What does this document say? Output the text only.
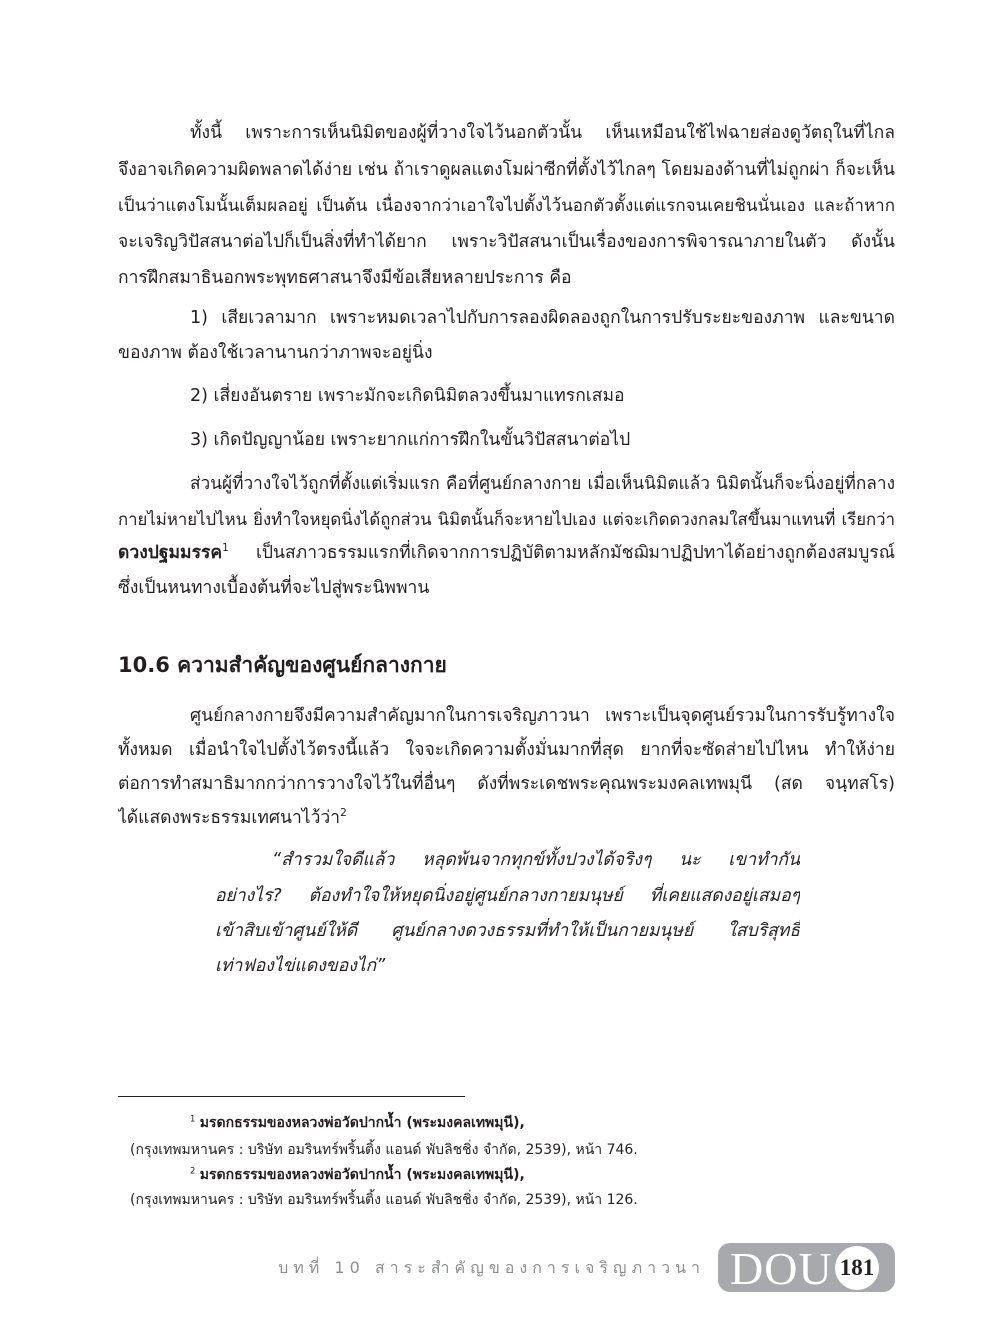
ทั้งนี้ เพราะการเห็นนิมิตของผู้ที่วางใจไว้นอกตัวนั้น เห็นเหมือนใช้ไฟฉายส่องดูวัตถุในที่ไกล
จึงอาจเกิดความผิดพลาดได้ง่าย เช่น ถ้าเราดูผลแตงโมผ่าซีกที่ตั้งไว้ไกลๆ โดยมองด้านที่ไม่ถูกผ่า ก็จะเห็น
เป็นว่าแตงโมนั้นเต็มผลอยู่ เป็นต้น เนื่องจากว่าเอาใจไปตั้งไว้นอกตัวตั้งแต่แรกจนเคยชินนั่นเอง และถ้าหาก
จะเจริญวิปัสสนาต่อไปก็เป็นสิ่งที่ทำได้ยาก เพราะวิปัสสนาเป็นเรื่องของการพิจารณาภายในตัว ดังนั้น
การฝึกสมาธินอกพระพุทธศาสนาจึงมีข้อเสียหลายประการ คือ
1) เสียเวลามาก เพราะหมดเวลาไปกับการลองผิดลองถูกในการปรับระยะของภาพ และขนาด
ของภาพ ต้องใช้เวลานานกว่าภาพจะอยู่นิ่ง
2) เสี่ยงอันตราย เพราะมักจะเกิดนิมิตลวงขึ้นมาแทรกเสมอ
3) เกิดปัญญาน้อย เพราะยากแก่การฝึกในขั้นวิปัสสนาต่อไป
ส่วนผู้ที่วางใจไว้ถูกที่ตั้งแต่เริ่มแรก คือที่ศูนย์กลางกาย เมื่อเห็นนิมิตแล้ว นิมิตนั้นก็จะนิ่งอยู่ที่กลาง
กายไม่หายไปไหน ยิ่งทำใจหยุดนิ่งได้ถูกส่วน นิมิตนั้นก็จะหายไปเอง แต่จะเกิดดวงกลมใสขึ้นมาแทนที่ เรียกว่า
ดวงปฐมมรรค$^1$ เป็นสภาวธรรมแรกที่เกิดจากการปฏิบัติตามหลักมัชฌิมาปฏิปทาได้อย่างถูกต้องสมบูรณ์
ซึ่งเป็นหนทางเบื้องต้นที่จะไปสู่พระนิพพาน
10.6 ความสำคัญของศูนย์กลางกาย
ศูนย์กลางกายจึงมีความสำคัญมากในการเจริญภาวนา เพราะเป็นจุดศูนย์รวมในการรับรู้ทางใจ
ทั้งหมด เมื่อนำใจไปตั้งไว้ตรงนี้แล้ว ใจจะเกิดความตั้งมั่นมากที่สุด ยากที่จะซัดส่ายไปไหน ทำให้ง่าย
ต่อการทำสมาธิมากกว่าการวางใจไว้ในที่อื่นๆ ดังที่พระเดชพระคุณพระมงคลเทพมุนี (สด จนฺทสโร)
ได้แสดงพระธรรมเทศนาไว้ว่า$^2$
“สำรวมใจดีแล้ว หลุดพ้นจากทุกข์ทั้งปวงได้จริงๆ นะ เขาทำกัน
อย่างไร? ต้องทำใจให้หยุดนิ่งอยู่ศูนย์กลางกายมนุษย์ ที่เคยแสดงอยู่เสมอๆ
เข้าสิบเข้าศูนย์ให้ดี ศูนย์กลางดวงธรรมที่ทำให้เป็นกายมนุษย์ ใสบริสุทธิ์
เท่าฟองไข่แดงของไก่”
$^1$ มรดกธรรมของหลวงพ่อวัดปากน้ำ (พระมงคลเทพมุนี),
(กรุงเทพมหานคร : บริษัท อมรินทร์พริ้นติ้ง แอนด์ พับลิชชิ่ง จำกัด, 2539), หน้า 746.
$^2$ มรดกธรรมของหลวงพ่อวัดปากน้ำ (พระมงคลเทพมุนี),
(กรุงเทพมหานคร : บริษัท อมรินทร์พริ้นติ้ง แอนด์ พับลิชชิ่ง จำกัด, 2539), หน้า 126.
บทที่ 10 สาระสำคัญของการเจริญภาวนา DOU 181
